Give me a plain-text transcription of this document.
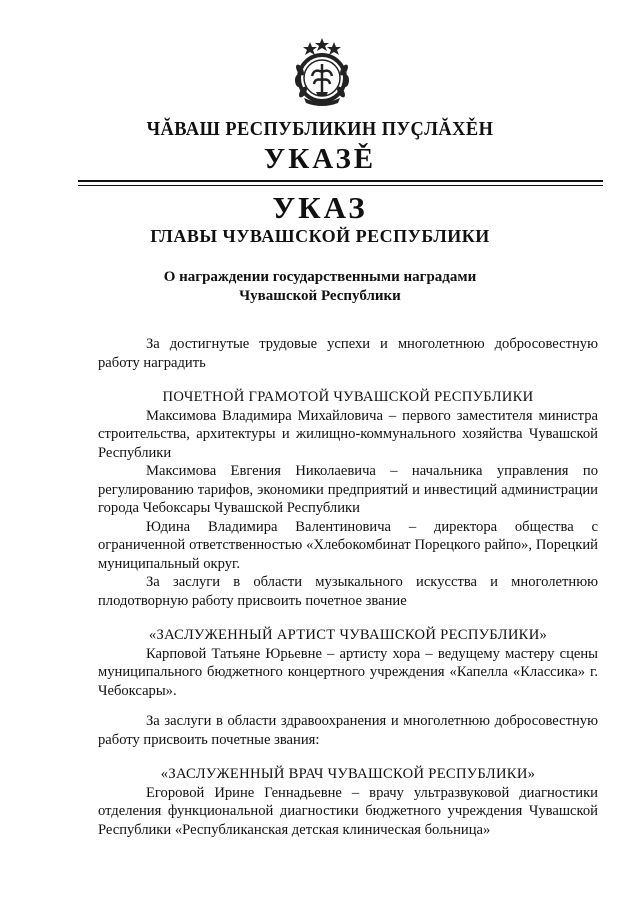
ЧĂВАШ РЕСПУБЛИКИН ПУҪЛĂХĚН
УКАЗĚ
УКАЗ
ГЛАВЫ ЧУВАШСКОЙ РЕСПУБЛИКИ
О награждении государственными наградами
Чувашской Республики

За достигнутые трудовые успехи и многолетнюю добросовестную

работу наградить

ПОЧЕТНОЙ ГРАМОТОЙ ЧУВАШСКОЙ РЕСПУБЛИКИ

Максимова Владимира Михайловича – первого заместителя министра строительства, архитектуры и жилищно-коммунального хозяйства Чувашской Республики

Максимова Евгения Николаевича – начальника управления по регулированию тарифов, экономики предприятий и инвестиций администрации города Чебоксары Чувашской Республики

Юдина Владимира Валентиновича – директора общества с ограниченной ответственностью «Хлебокомбинат Порецкого райпо», Порецкий муниципальный округ.

За заслуги в области музыкального искусства и многолетнюю плодотворную работу присвоить почетное звание

«ЗАСЛУЖЕННЫЙ АРТИСТ ЧУВАШСКОЙ РЕСПУБЛИКИ»

Карповой Татьяне Юрьевне – артисту хора – ведущему мастеру сцены муниципального бюджетного концертного учреждения «Капелла «Классика» г. Чебоксары».

За заслуги в области здравоохранения и многолетнюю добросовестную работу присвоить почетные звания:

«ЗАСЛУЖЕННЫЙ ВРАЧ ЧУВАШСКОЙ РЕСПУБЛИКИ»

Егоровой Ирине Геннадьевне – врачу ультразвуковой диагностики отделения функциональной диагностики бюджетного учреждения Чувашской Республики «Республиканская детская клиническая больница»
